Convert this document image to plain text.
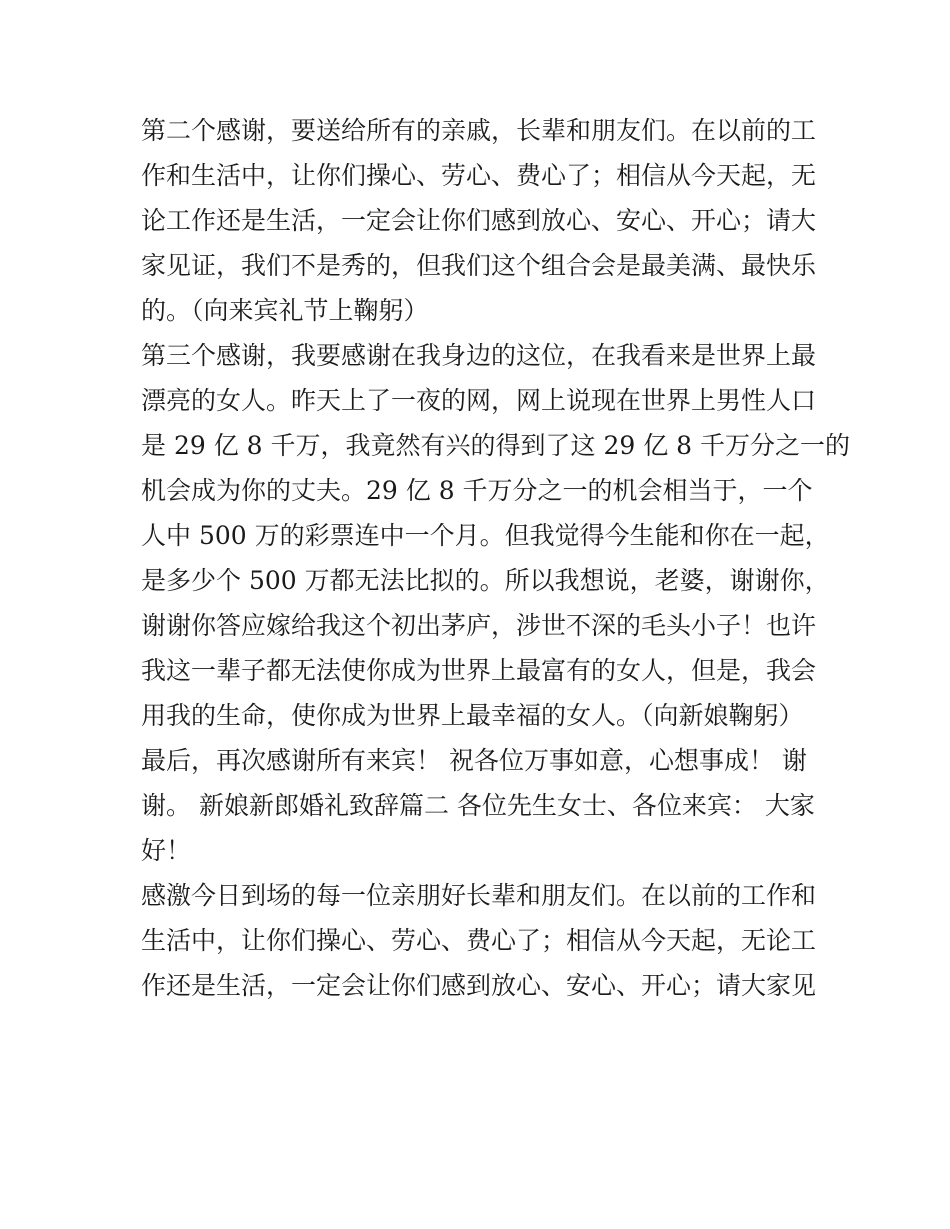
第二个感谢，要送给所有的亲戚，长辈和朋友们。在以前的工
作和生活中，让你们操心、劳心、费心了；相信从今天起，无
论工作还是生活，一定会让你们感到放心、安心、开心；请大
家见证，我们不是秀的，但我们这个组合会是最美满、最快乐
的。（向来宾礼节上鞠躬）

第三个感谢，我要感谢在我身边的这位，在我看来是世界上最
漂亮的女人。昨天上了一夜的网，网上说现在世界上男性人口
是 29 亿 8 千万，我竟然有兴的得到了这 29 亿 8 千万分之一的
机会成为你的丈夫。29 亿 8 千万分之一的机会相当于，一个
人中 500 万的彩票连中一个月。但我觉得今生能和你在一起，
是多少个 500 万都无法比拟的。所以我想说，老婆，谢谢你，
谢谢你答应嫁给我这个初出茅庐，涉世不深的毛头小子！也许
我这一辈子都无法使你成为世界上最富有的女人，但是，我会
用我的生命，使你成为世界上最幸福的女人。（向新娘鞠躬）

最后，再次感谢所有来宾！ 祝各位万事如意，心想事成！ 谢
谢。 新娘新郎婚礼致辞篇二 各位先生女士、各位来宾： 大家
好！

感激今日到场的每一位亲朋好长辈和朋友们。在以前的工作和
生活中，让你们操心、劳心、费心了；相信从今天起，无论工
作还是生活，一定会让你们感到放心、安心、开心；请大家见
